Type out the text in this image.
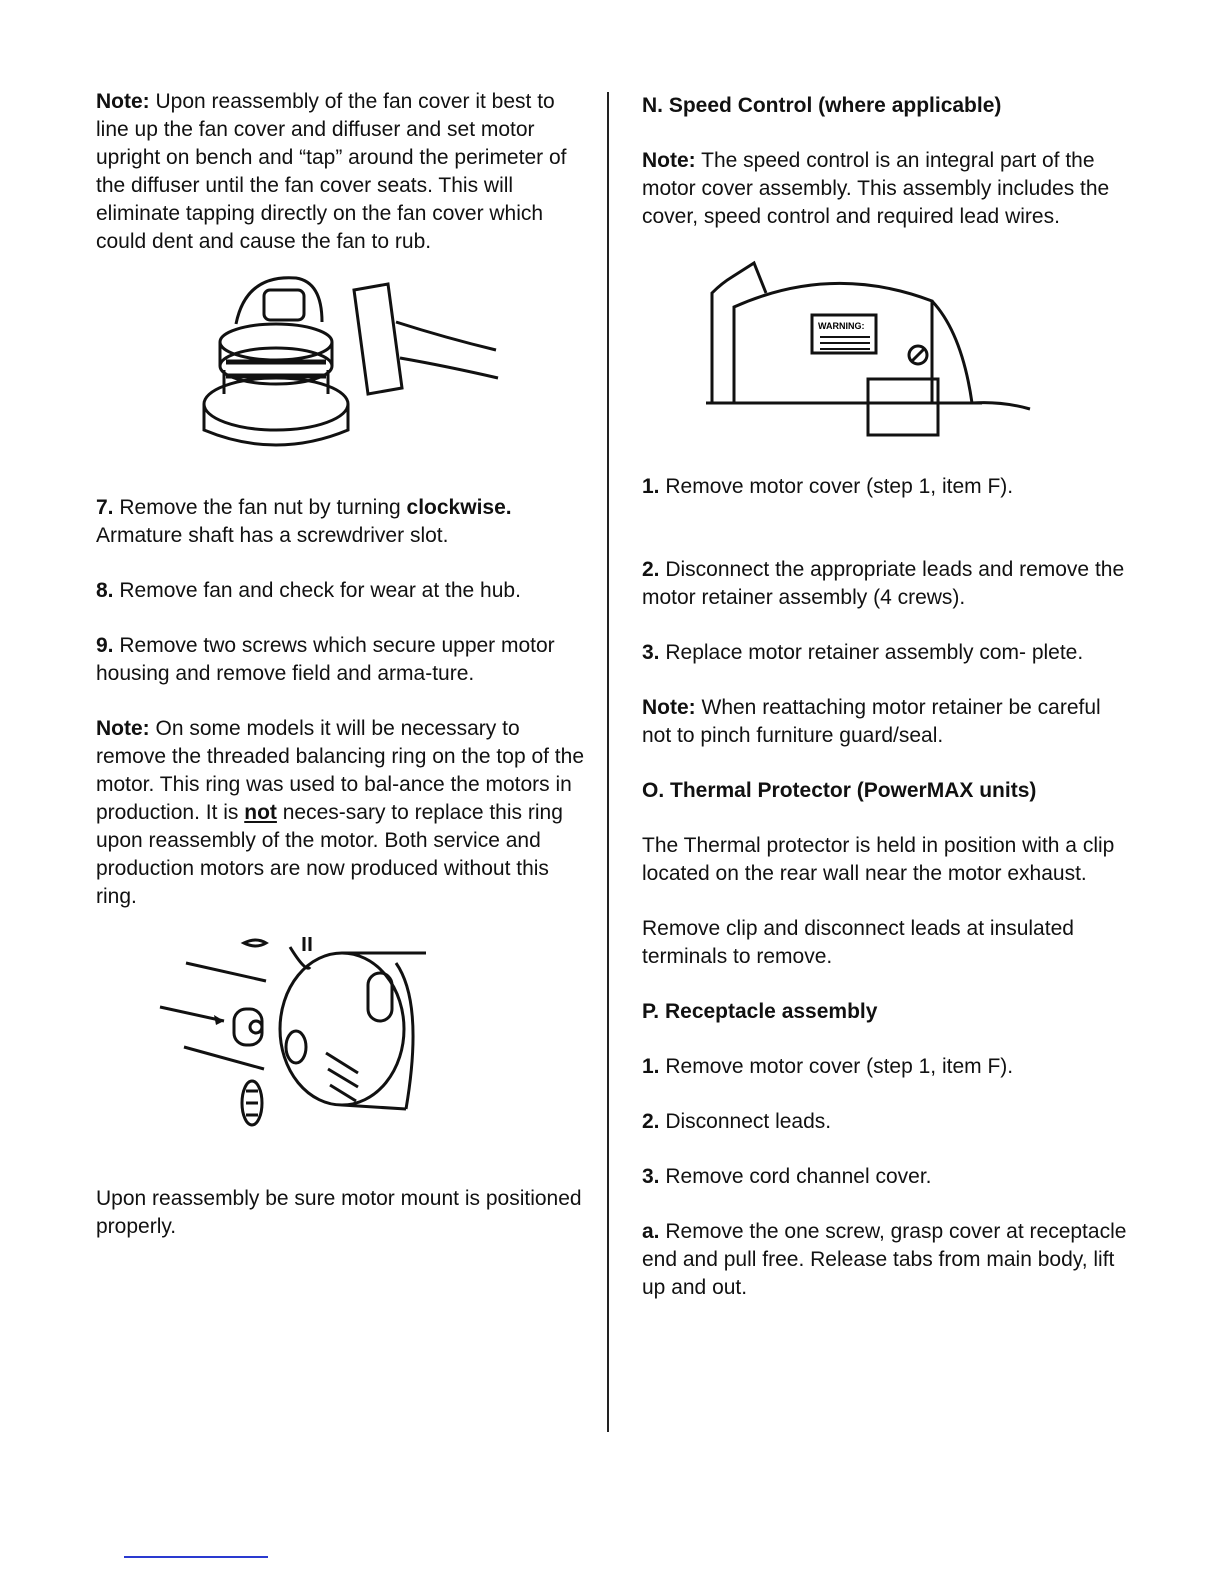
Note: Upon reassembly of the fan cover it best to line up the fan cover and diffuser and set motor upright on bench and “tap” around the perimeter of the diffuser until the fan cover seats. This will eliminate tapping directly on the fan cover which could dent and cause the fan to rub.

7. Remove the fan nut by turning clockwise. Armature shaft has a screwdriver slot.

8. Remove fan and check for wear at the hub.

9. Remove two screws which secure upper motor housing and remove field and arma-ture.

Note: On some models it will be necessary to remove the threaded balancing ring on the top of the motor. This ring was used to bal-ance the motors in production. It is not neces-sary to replace this ring upon reassembly of the motor. Both service and production motors are now produced without this ring.

Upon reassembly be sure motor mount is positioned properly.

N. Speed Control (where applicable)

Note: The speed control is an integral part of the motor cover assembly. This assembly includes the cover, speed control and required lead wires.

WARNING:

1. Remove motor cover (step 1, item F).

2. Disconnect the appropriate leads and remove the motor retainer assembly (4 crews).

3. Replace motor retainer assembly com- plete.

Note: When reattaching motor retainer be careful not to pinch furniture guard/seal.

O. Thermal Protector (PowerMAX units)

The Thermal protector is held in position with a clip located on the rear wall near the motor exhaust.

Remove clip and disconnect leads at insulated terminals to remove.

P. Receptacle assembly

1. Remove motor cover (step 1, item F).

2. Disconnect leads.

3. Remove cord channel cover.

a. Remove the one screw, grasp cover at receptacle end and pull free. Release tabs from main body, lift up and out.
